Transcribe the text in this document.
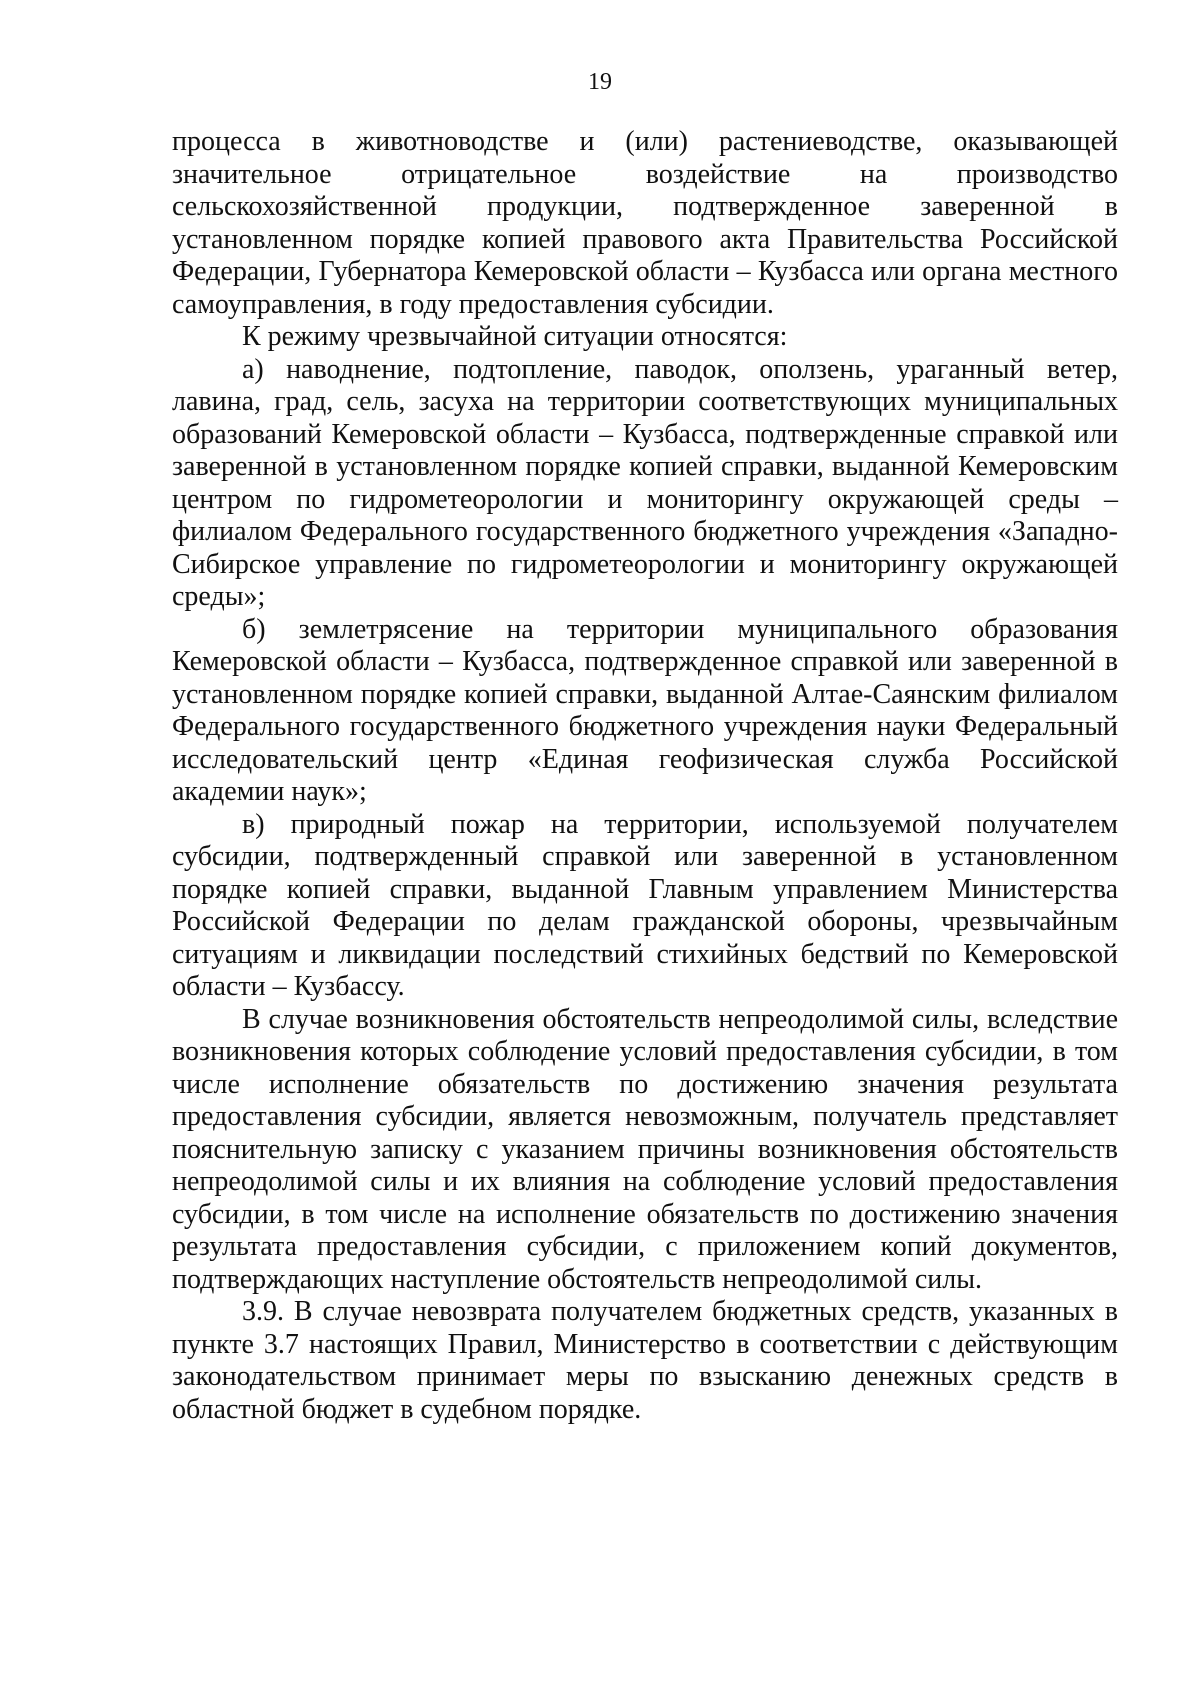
19

процесса в животноводстве и (или) растениеводстве, оказывающей значительное отрицательное воздействие на производство сельскохозяйственной продукции, подтвержденное заверенной в установленном порядке копией правового акта Правительства Российской Федерации, Губернатора Кемеровской области – Кузбасса или органа местного самоуправления, в году предоставления субсидии.

К режиму чрезвычайной ситуации относятся:

а) наводнение, подтопление, паводок, оползень, ураганный ветер, лавина, град, сель, засуха на территории соответствующих муниципальных образований Кемеровской области – Кузбасса, подтвержденные справкой или заверенной в установленном порядке копией справки, выданной Кемеровским центром по гидрометеорологии и мониторингу окружающей среды – филиалом Федерального государственного бюджетного учреждения «Западно-Сибирское управление по гидрометеорологии и мониторингу окружающей среды»;

б) землетрясение на территории муниципального образования Кемеровской области – Кузбасса, подтвержденное справкой или заверенной в установленном порядке копией справки, выданной Алтае-Саянским филиалом Федерального государственного бюджетного учреждения науки Федеральный исследовательский центр «Единая геофизическая служба Российской академии наук»;

в) природный пожар на территории, используемой получателем субсидии, подтвержденный справкой или заверенной в установленном порядке копией справки, выданной Главным управлением Министерства Российской Федерации по делам гражданской обороны, чрезвычайным ситуациям и ликвидации последствий стихийных бедствий по Кемеровской области – Кузбассу.

В случае возникновения обстоятельств непреодолимой силы, вследствие возникновения которых соблюдение условий предоставления субсидии, в том числе исполнение обязательств по достижению значения результата предоставления субсидии, является невозможным, получатель представляет пояснительную записку с указанием причины возникновения обстоятельств непреодолимой силы и их влияния на соблюдение условий предоставления субсидии, в том числе на исполнение обязательств по достижению значения результата предоставления субсидии, с приложением копий документов, подтверждающих наступление обстоятельств непреодолимой силы.

3.9. В случае невозврата получателем бюджетных средств, указанных в пункте 3.7 настоящих Правил, Министерство в соответствии с действующим законодательством принимает меры по взысканию денежных средств в областной бюджет в судебном порядке.
